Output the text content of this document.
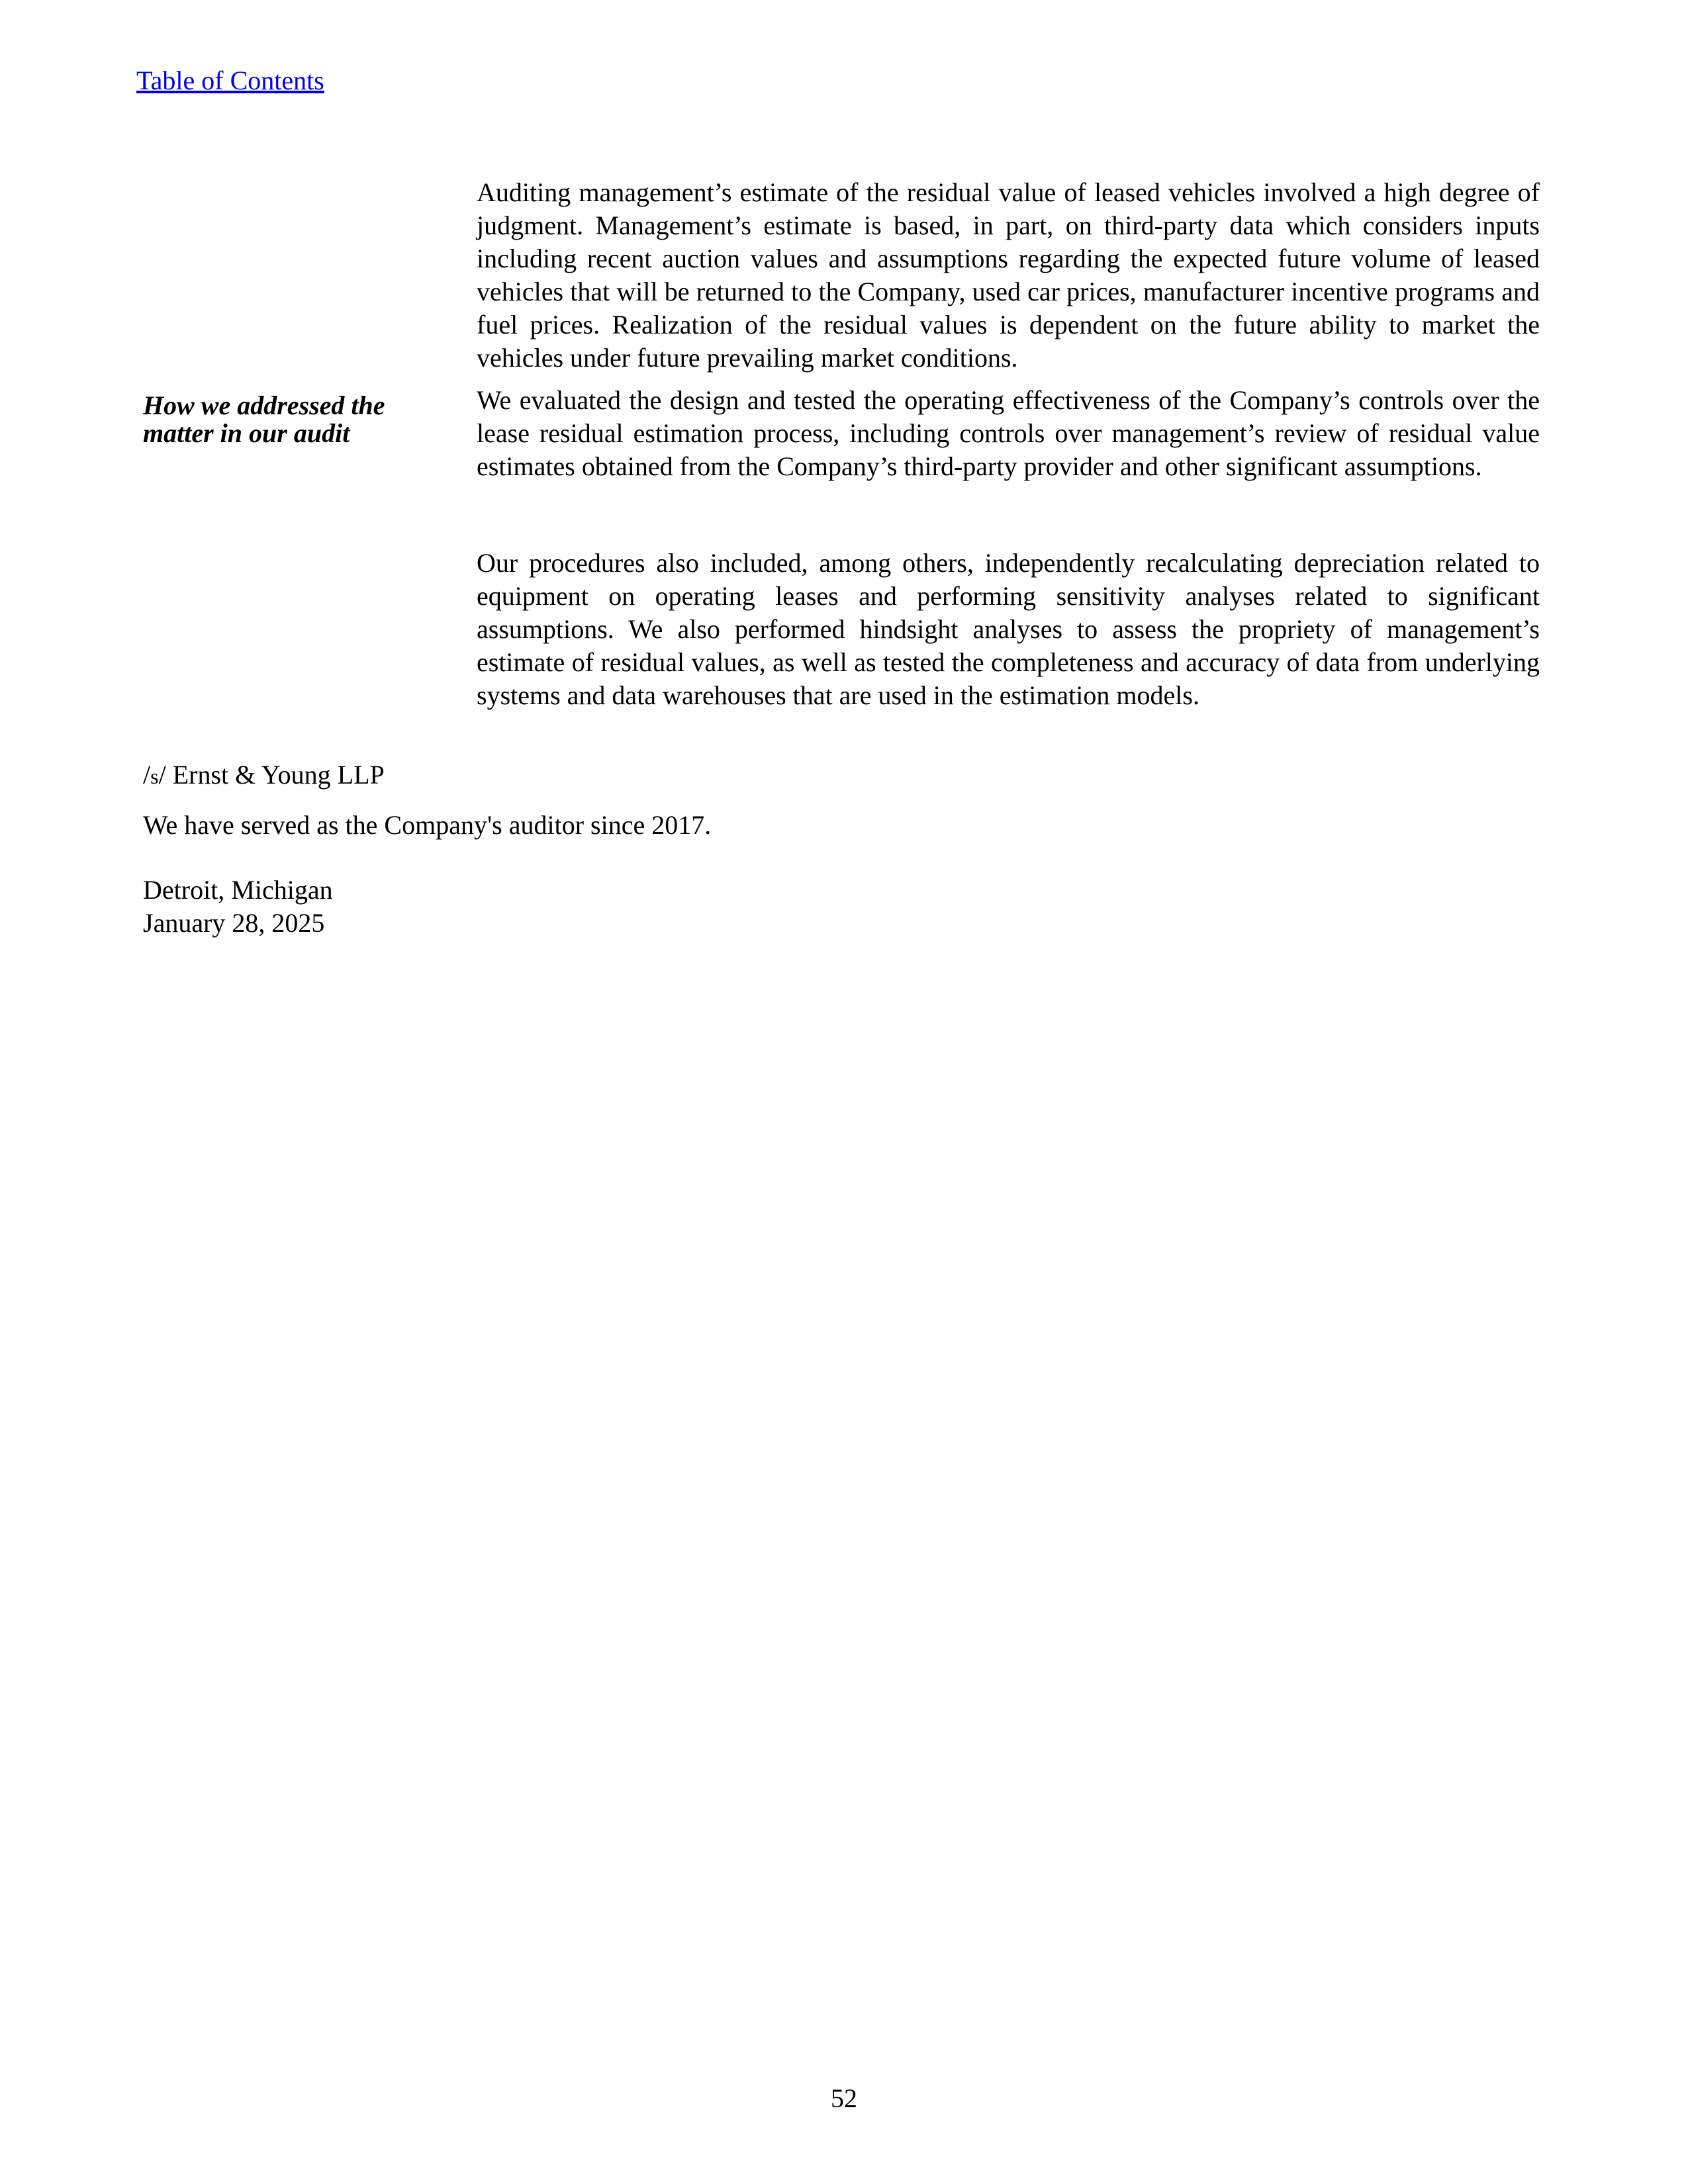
Table of Contents
Auditing management’s estimate of the residual value of leased vehicles involved a high degree of judgment. Management’s estimate is based, in part, on third-party data which considers inputs including recent auction values and assumptions regarding the expected future volume of leased vehicles that will be returned to the Company, used car prices, manufacturer incentive programs and fuel prices. Realization of the residual values is dependent on the future ability to market the vehicles under future prevailing market conditions.
How we addressed the
matter in our audit
We evaluated the design and tested the operating effectiveness of the Company’s controls over the lease residual estimation process, including controls over management’s review of residual value estimates obtained from the Company’s third-party provider and other significant assumptions.
Our procedures also included, among others, independently recalculating depreciation related to equipment on operating leases and performing sensitivity analyses related to significant assumptions. We also performed hindsight analyses to assess the propriety of management’s estimate of residual values, as well as tested the completeness and accuracy of data from underlying systems and data warehouses that are used in the estimation models.
/s/ Ernst & Young LLP
We have served as the Company's auditor since 2017.
Detroit, Michigan
January 28, 2025
52
